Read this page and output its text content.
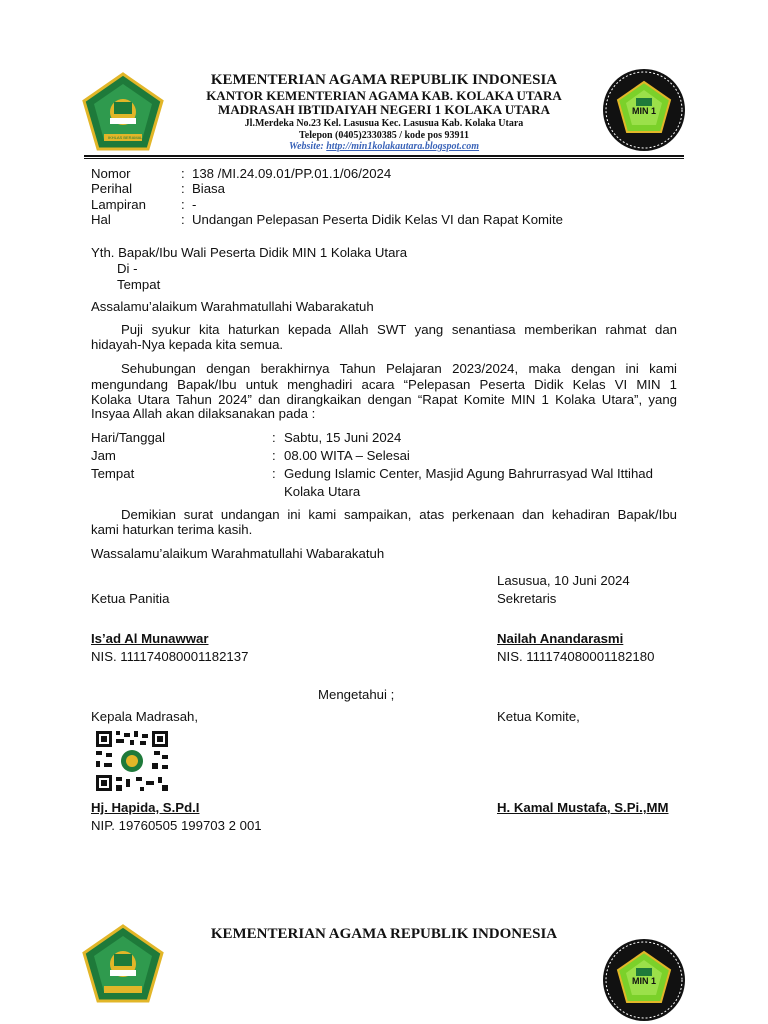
IKHLAS BERAMAL
KEMENTERIAN AGAMA REPUBLIK INDONESIA
KANTOR KEMENTERIAN AGAMA KAB. KOLAKA UTARA
MADRASAH IBTIDAIYAH NEGERI 1 KOLAKA UTARA
Jl.Merdeka No.23 Kel. Lasusua Kec. Lasusua Kab. Kolaka Utara
Telepon (0405)2330385 / kode pos 93911
Website: http://min1kolakautara.blogspot.com
MIN 1
Nomor	: 138 /MI.24.09.01/PP.01.1/06/2024
Perihal	: Biasa
Lampiran	: -
Hal	: Undangan Pelepasan Peserta Didik Kelas VI dan Rapat Komite
Yth. Bapak/Ibu Wali Peserta Didik MIN 1 Kolaka Utara
Di -
Tempat
Assalamu’alaikum Warahmatullahi Wabarakatuh
Puji syukur kita haturkan kepada Allah SWT yang senantiasa memberikan rahmat dan
hidayah-Nya kepada kita semua.
Sehubungan dengan berakhirnya Tahun Pelajaran 2023/2024, maka dengan ini kami
mengundang Bapak/Ibu untuk menghadiri acara “Pelepasan Peserta Didik Kelas VI MIN 1
Kolaka Utara Tahun 2024” dan dirangkaikan dengan “Rapat Komite MIN 1 Kolaka Utara”, yang
Insyaa Allah akan dilaksanakan pada :
Hari/Tanggal	: Sabtu, 15 Juni 2024
Jam	: 08.00 WITA – Selesai
Tempat	: Gedung Islamic Center, Masjid Agung Bahrurrasyad Wal Ittihad
Kolaka Utara
Demikian surat undangan ini kami sampaikan, atas perkenaan dan kehadiran Bapak/Ibu
kami haturkan terima kasih.
Wassalamu’alaikum Warahmatullahi Wabarakatuh
Lasusua, 10 Juni 2024
Ketua Panitia	Sekretaris
Is’ad Al Munawwar	Nailah Anandarasmi
NIS. 111174080001182137	NIS. 111174080001182180
Mengetahui ;
Kepala Madrasah,	Ketua Komite,
Hj. Hapida, S.Pd.I	H. Kamal Mustafa, S.Pi.,MM
NIP. 19760505 199703 2 001
KEMENTERIAN AGAMA REPUBLIK INDONESIA
MIN 1
